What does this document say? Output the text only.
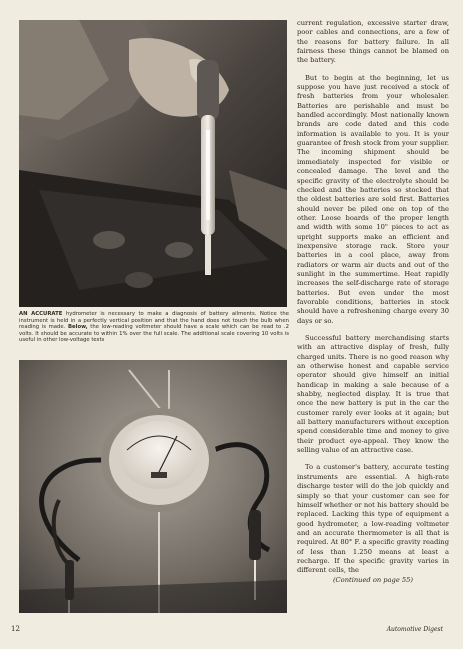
AN ACCURATE hydrometer is necessary to make a diagnosis of battery ailments. Notice the instrument is held in a perfectly vertical position and that the hand does not touch the bulb when reading is made. Below, the low-reading voltmeter should have a scale which can be read to .2 volts. It should be accurate to within 1% over the full scale. The additional scale covering 10 volts is useful in other low-voltage tests

current regulation, excessive starter draw, poor cables and connections, are a few of the reasons for battery failure. In all fairness these things cannot be blamed on the battery.

But to begin at the beginning, let us suppose you have just received a stock of fresh batteries from your wholesaler. Batteries are perishable and must be handled accordingly. Most nationally known brands are code dated and this code information is available to you. It is your guarantee of fresh stock from your supplier. The incoming shipment should be immediately inspected for visible or concealed damage. The level and the specific gravity of the electrolyte should be checked and the batteries so stocked that the oldest batteries are sold first. Batteries should never be piled one on top of the other. Loose boards of the proper length and width with some 10" pieces to act as upright supports make an efficient and inexpensive storage rack. Store your batteries in a cool place, away from radiators or warm air ducts and out of the sunlight in the summertime. Heat rapidly increases the self-discharge rate of storage batteries. But even under the most favorable conditions, batteries in stock should have a refreshening charge every 30 days or so.

Successful battery merchandising starts with an attractive display of fresh, fully charged units. There is no good reason why an otherwise honest and capable service operator should give himself an initial handicap in making a sale because of a shabby, neglected display. It is true that once the new battery is put in the car the customer rarely ever looks at it again; but all battery manufacturers without exception spend considerable time and money to give their product eye-appeal. They know the selling value of an attractive case.

To a customer's battery, accurate testing instruments are essential. A high-rate discharge tester will do the job quickly and simply so that your customer can see for himself whether or not his battery should be replaced. Lacking this type of equipment a good hydrometer, a low-reading voltmeter and an accurate thermometer is all that is required. At 80° F. a specific gravity reading of less than 1.250 means at least a recharge. If the specific gravity varies in different cells, the

(Continued on page 55)

12	Automotive Digest
